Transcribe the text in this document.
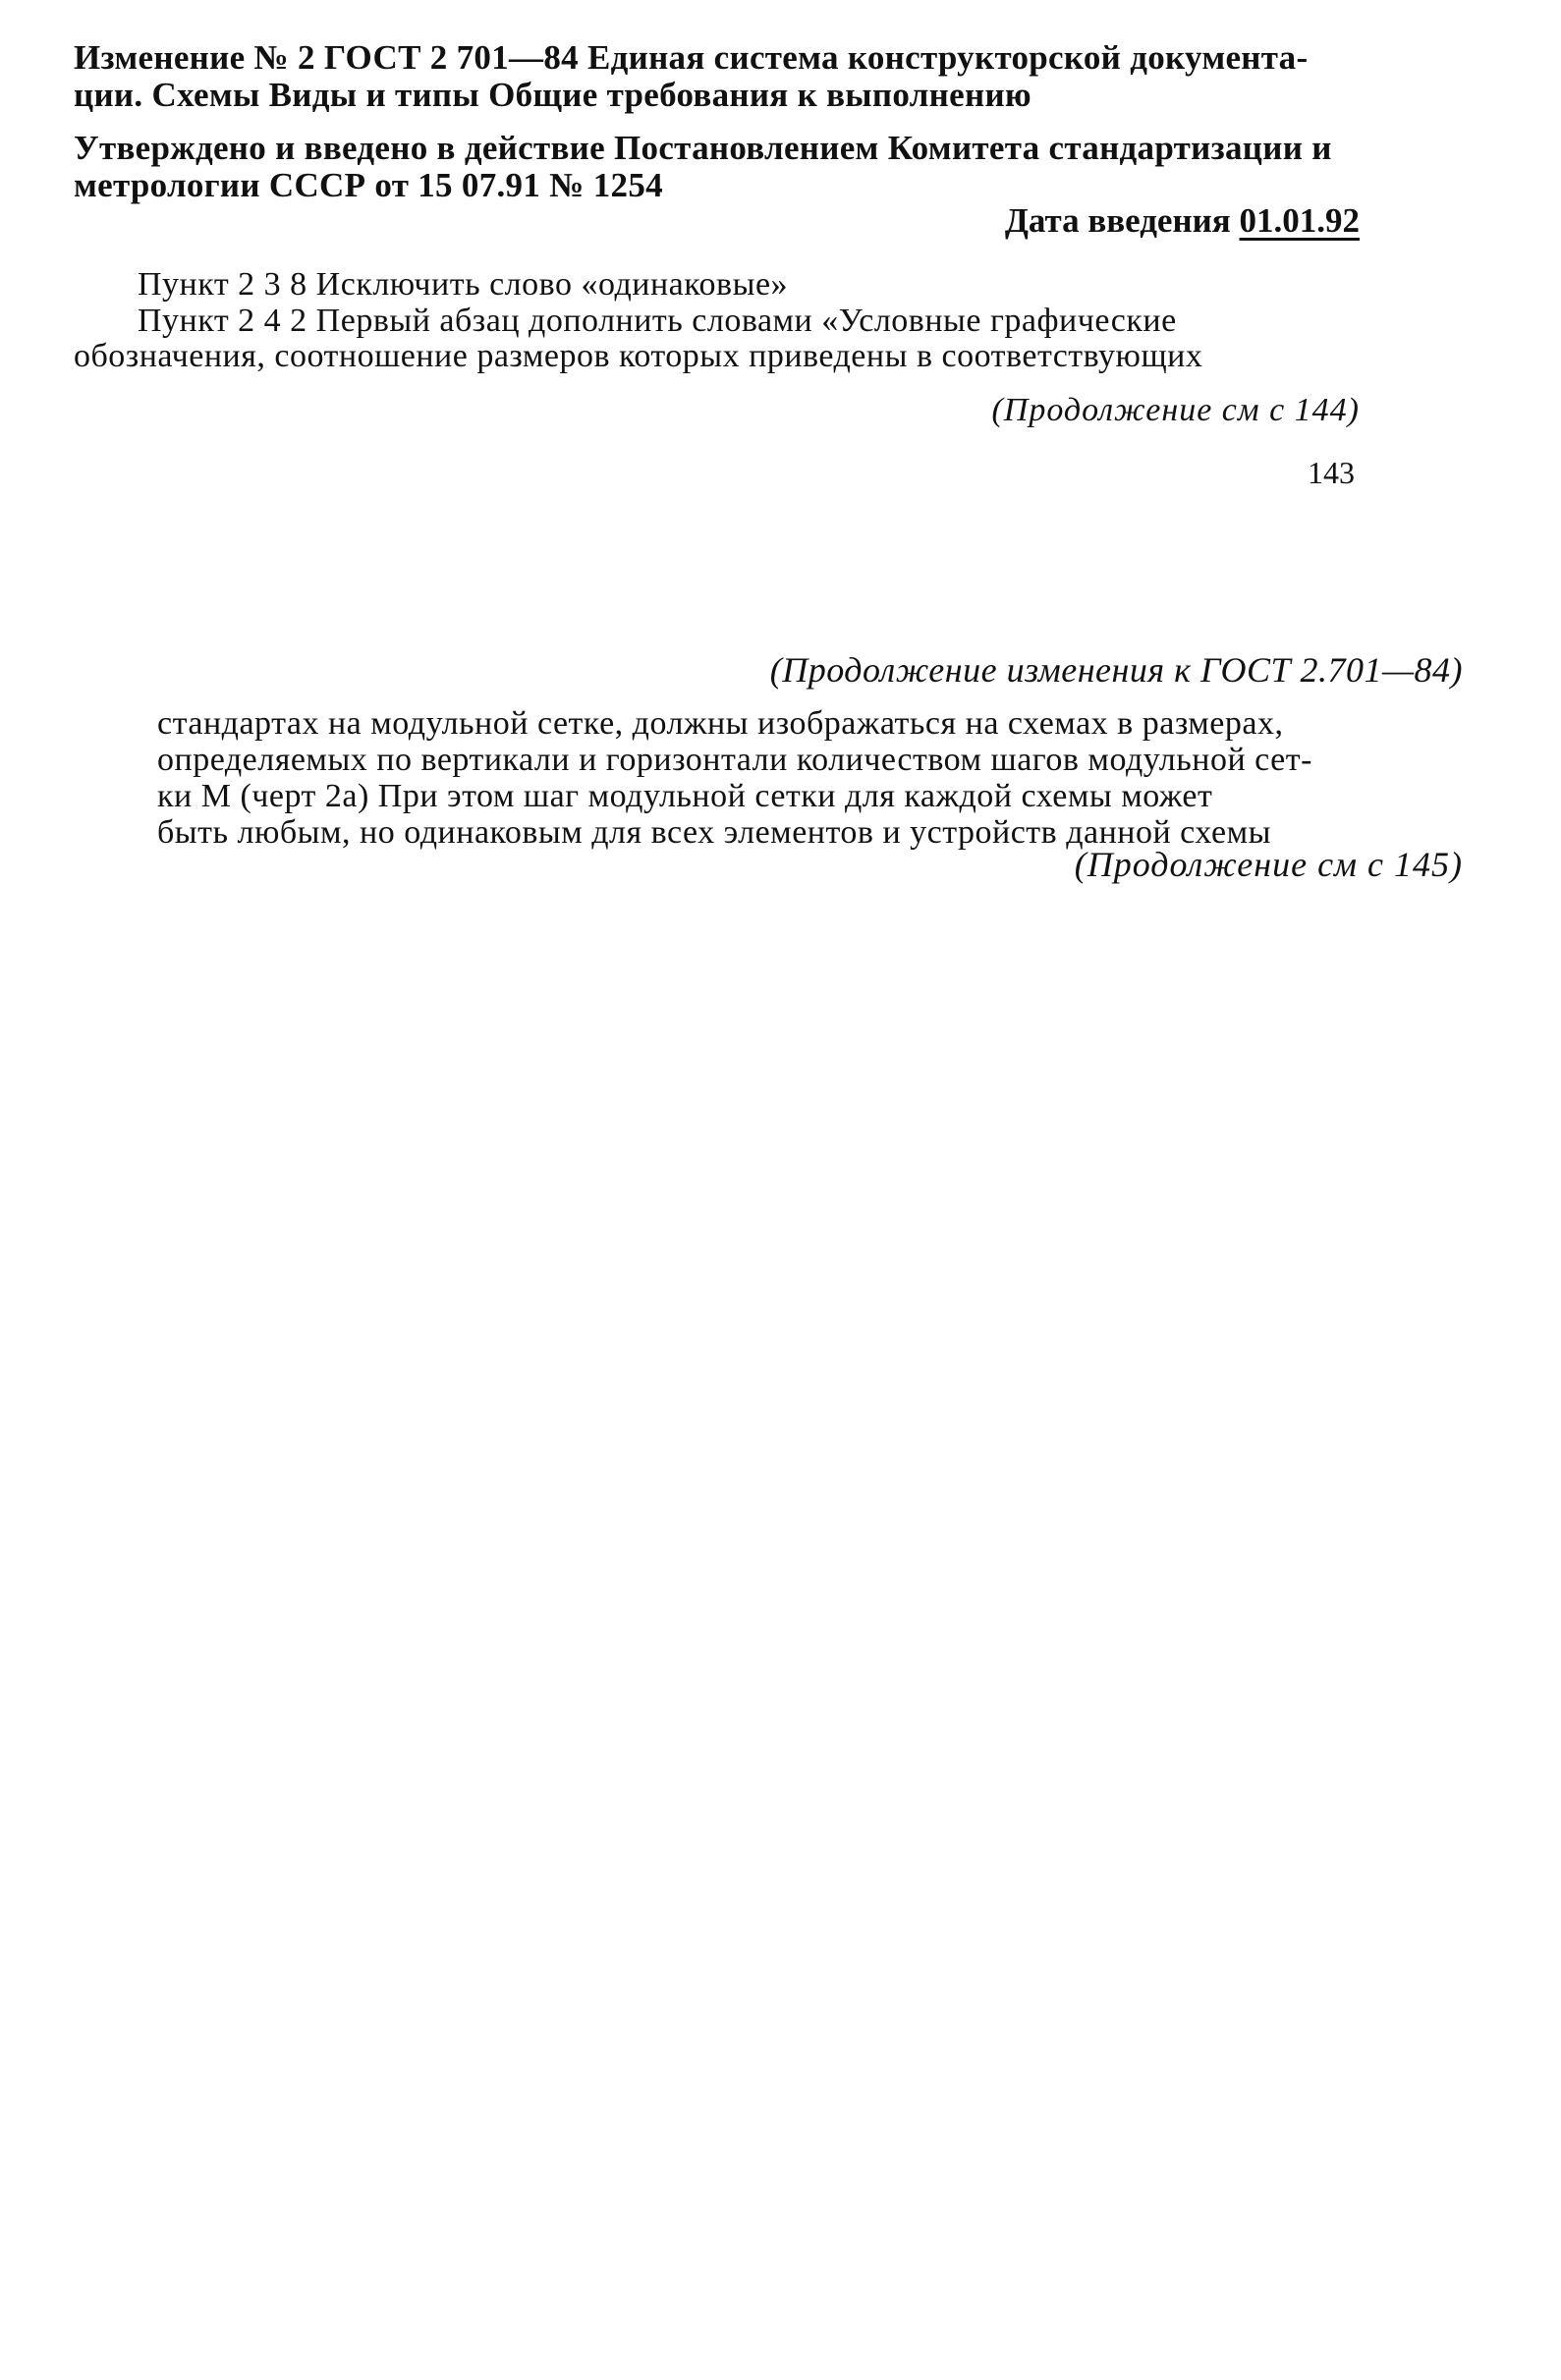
Изменение № 2 ГОСТ 2 701—84 Единая система конструкторской документа-

ции. Схемы Виды и типы Общие требования к выполнению

Утверждено и введено в действие Постановлением Комитета стандартизации и

метрологии СССР от 15 07.91 № 1254

Дата введения 01.01.92

Пункт 2 3 8 Исключить слово «одинаковые»

Пункт 2 4 2 Первый абзац дополнить словами «Условные графические

обозначения, соотношение размеров которых приведены в соответствующих

(Продолжение см с 144)
143
(Продолжение изменения к ГОСТ 2.701—84)

стандартах на модульной сетке, должны изображаться на схемах в размерах,

определяемых по вертикали и горизонтали количеством шагов модульной сет-

ки М (черт 2а) При этом шаг модульной сетки для каждой схемы может

быть любым, но одинаковым для всех элементов и устройств данной схемы

(Продолжение см с 145)
